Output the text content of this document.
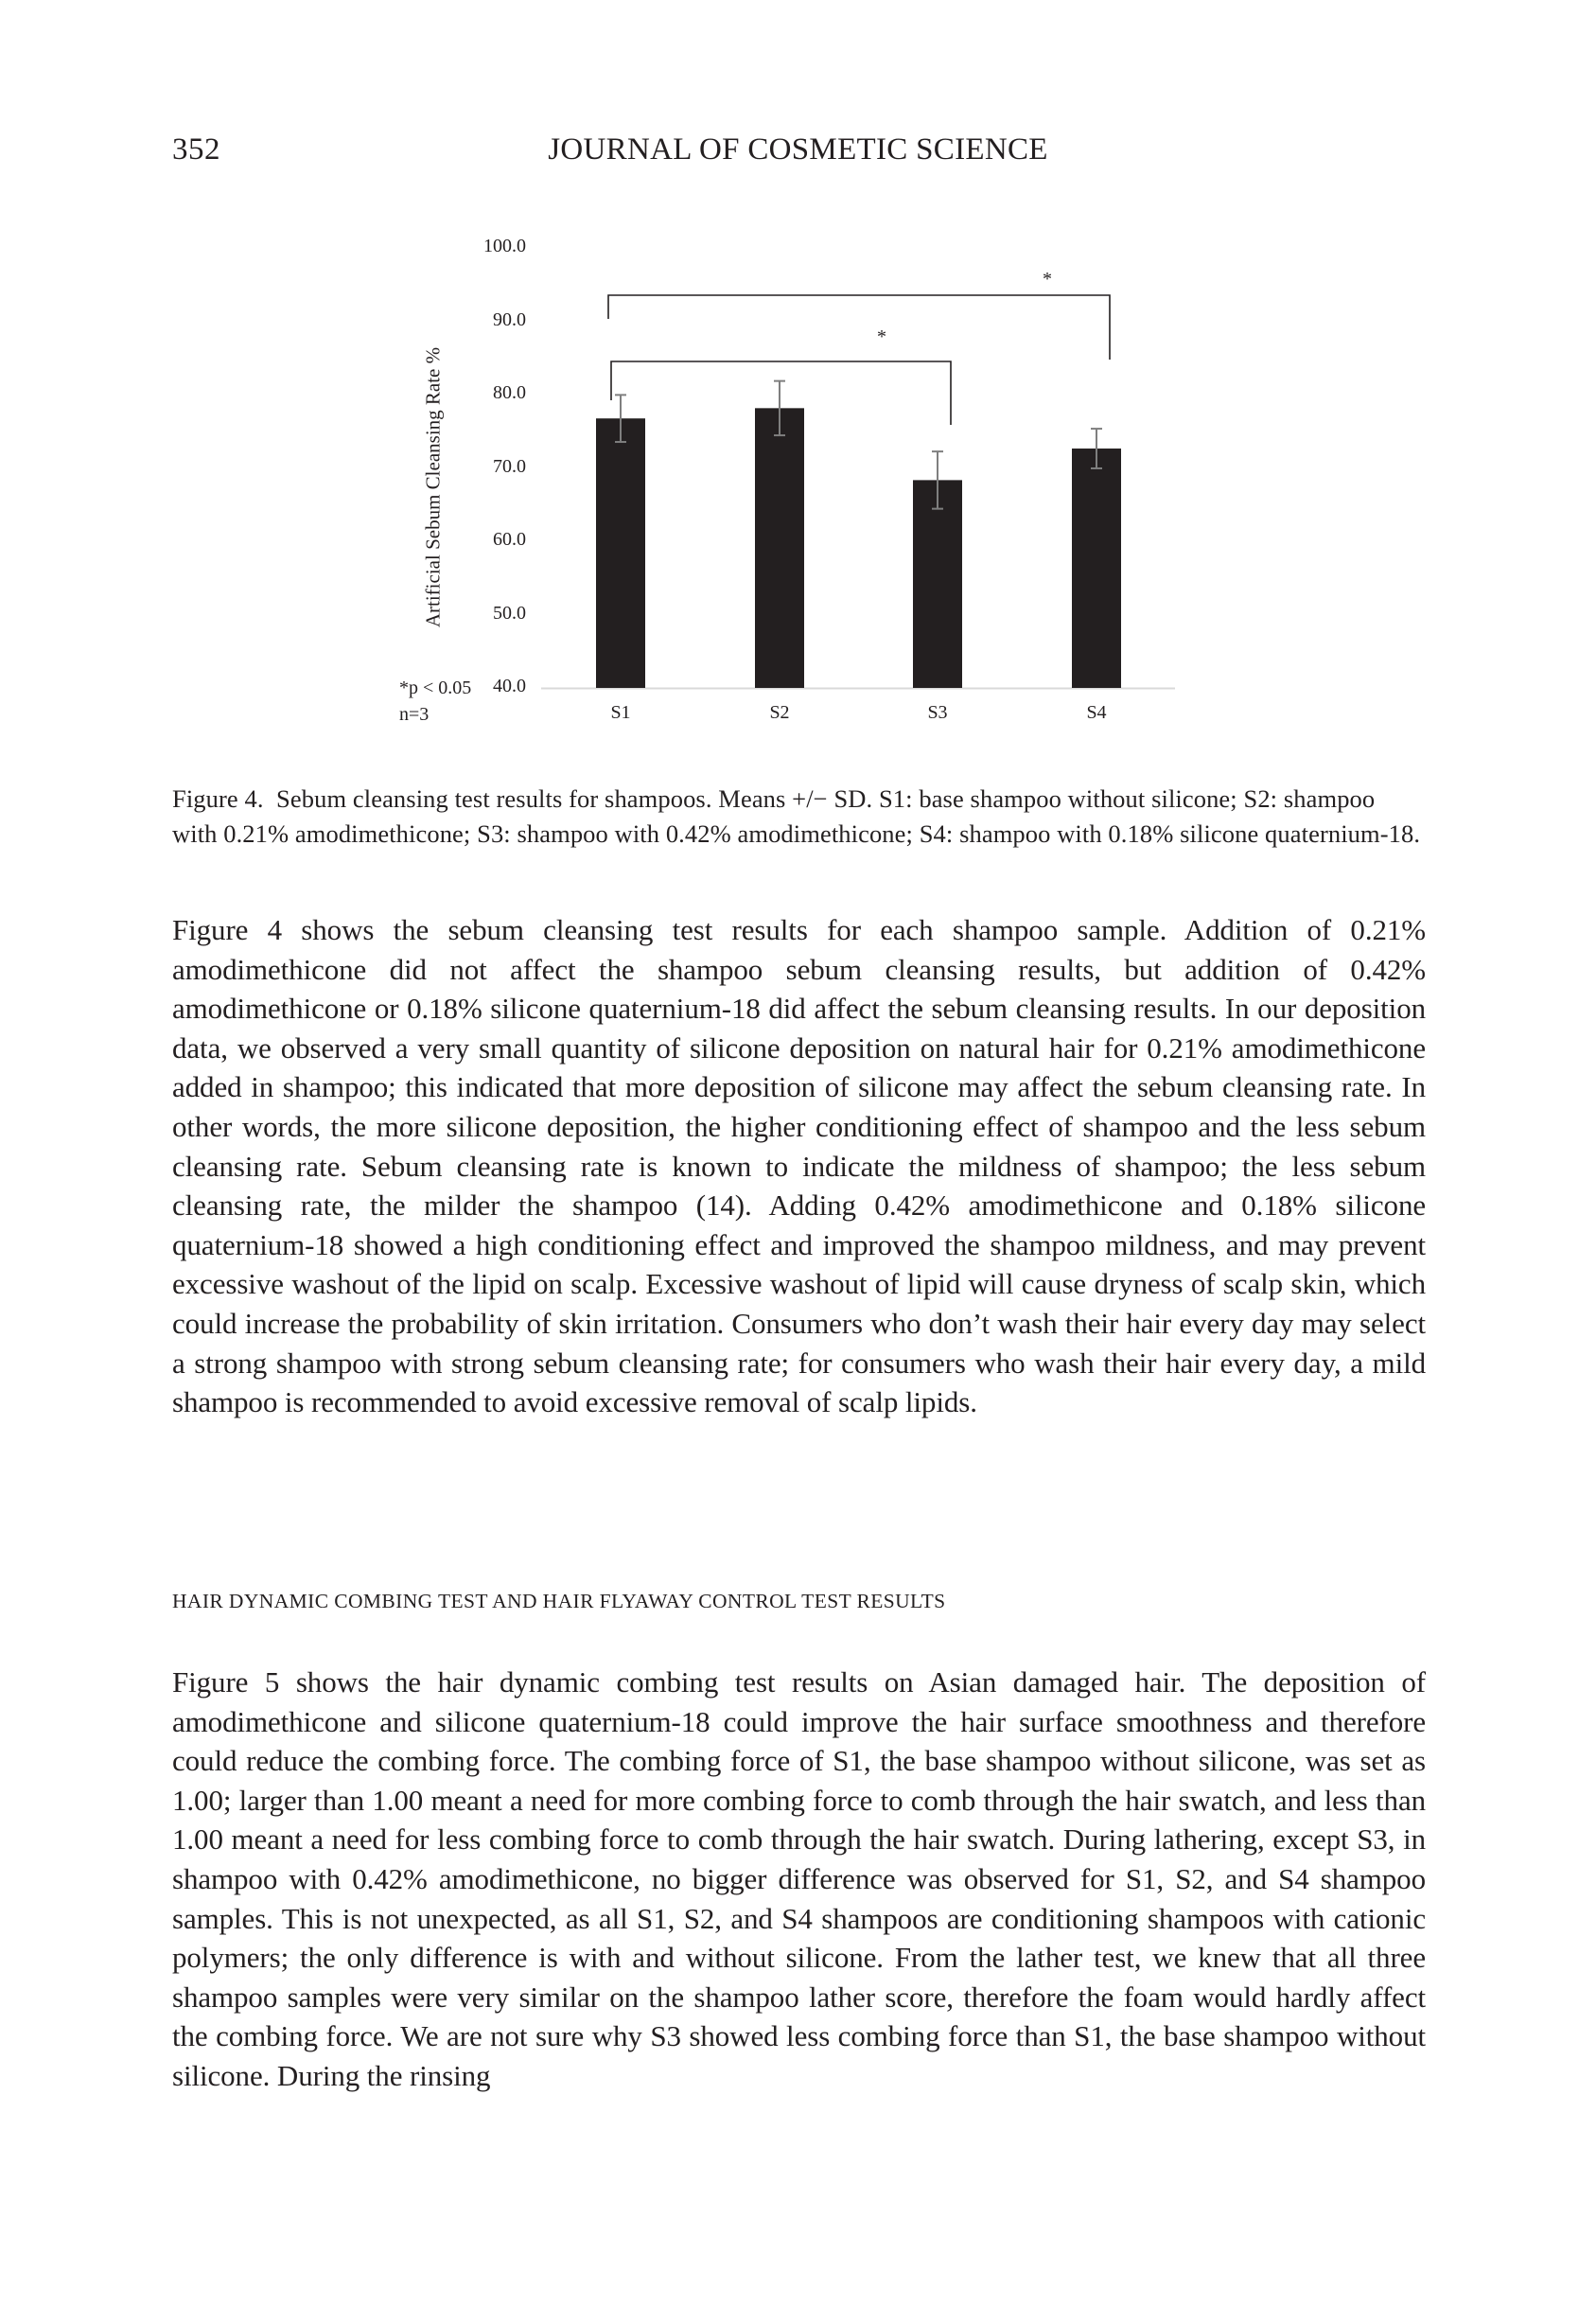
352	JOURNAL OF COSMETIC SCIENCE
Artificial Sebum Cleansing Rate %
100.0
90.0
80.0
70.0
60.0
50.0
40.0
*p < 0.05
n=3
*
*
S1	S2	S3	S4
Figure 4. Sebum cleansing test results for shampoos. Means +/− SD. S1: base shampoo without silicone; S2: shampoo with 0.21% amodimethicone; S3: shampoo with 0.42% amodimethicone; S4: shampoo with 0.18% silicone quaternium-18.
Figure 4 shows the sebum cleansing test results for each shampoo sample. Addition of 0.21% amodimethicone did not affect the shampoo sebum cleansing results, but addition of 0.42% amodimethicone or 0.18% silicone quaternium-18 did affect the sebum cleansing results. In our deposition data, we observed a very small quantity of silicone deposition on natural hair for 0.21% amodimethicone added in shampoo; this indicated that more deposition of silicone may affect the sebum cleansing rate. In other words, the more silicone deposition, the higher conditioning effect of shampoo and the less sebum cleansing rate. Sebum cleansing rate is known to indicate the mildness of shampoo; the less sebum cleansing rate, the milder the shampoo (14). Adding 0.42% amodimethicone and 0.18% silicone quaternium-18 showed a high conditioning effect and improved the shampoo mildness, and may prevent excessive washout of the lipid on scalp. Excessive washout of lipid will cause dryness of scalp skin, which could increase the probability of skin irritation. Consumers who don’t wash their hair every day may select a strong shampoo with strong sebum cleansing rate; for consumers who wash their hair every day, a mild shampoo is recommended to avoid excessive removal of scalp lipids.
HAIR DYNAMIC COMBING TEST AND HAIR FLYAWAY CONTROL TEST RESULTS
Figure 5 shows the hair dynamic combing test results on Asian damaged hair. The deposition of amodimethicone and silicone quaternium-18 could improve the hair surface smoothness and therefore could reduce the combing force. The combing force of S1, the base shampoo without silicone, was set as 1.00; larger than 1.00 meant a need for more combing force to comb through the hair swatch, and less than 1.00 meant a need for less combing force to comb through the hair swatch. During lathering, except S3, in shampoo with 0.42% amodimethicone, no bigger difference was observed for S1, S2, and S4 shampoo samples. This is not unexpected, as all S1, S2, and S4 shampoos are conditioning shampoos with cationic polymers; the only difference is with and without silicone. From the lather test, we knew that all three shampoo samples were very similar on the shampoo lather score, therefore the foam would hardly affect the combing force. We are not sure why S3 showed less combing force than S1, the base shampoo without silicone. During the rinsing
